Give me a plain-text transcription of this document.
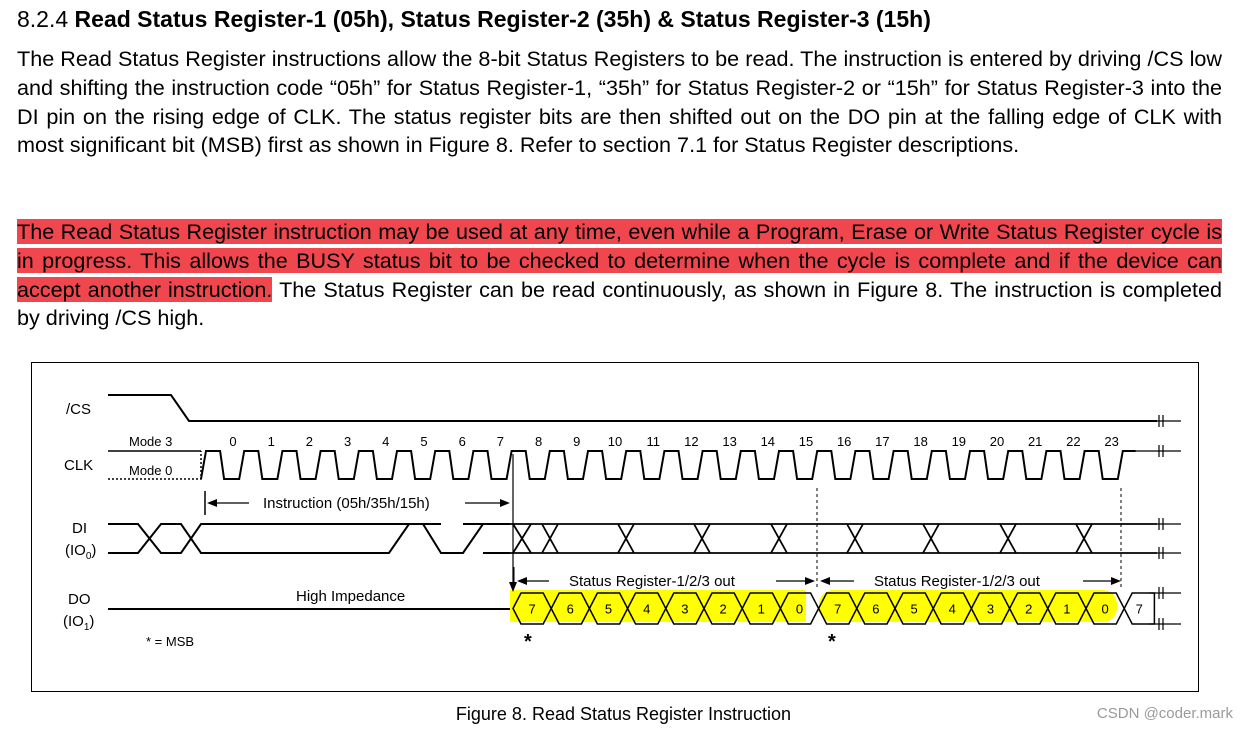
8.2.4 Read Status Register-1 (05h), Status Register-2 (35h) & Status Register-3 (15h)

The Read Status Register instructions allow the 8-bit Status Registers to be read. The instruction is entered by driving /CS low and shifting the instruction code “05h” for Status Register-1, “35h” for Status Register-2 or “15h” for Status Register-3 into the DI pin on the rising edge of CLK. The status register bits are then shifted out on the DO pin at the falling edge of CLK with most significant bit (MSB) first as shown in Figure 8. Refer to section 7.1 for Status Register descriptions.

The Read Status Register instruction may be used at any time, even while a Program, Erase or Write Status Register cycle is in progress. This allows the BUSY status bit to be checked to determine when the cycle is complete and if the device can accept another instruction. The Status Register can be read continuously, as shown in Figure 8. The instruction is completed by driving /CS high.

/CS
CLK
DI
$(IO_0)$
DO
$(IO_1)$
Mode 3
Mode 0
0 1 2 3 4 5 6 7 8 9 10 11 12 13 14 15 16 17 18 19 20 21 22 23
Instruction (05h/35h/15h)
High Impedance
Status Register-1/2/3 out	Status Register-1/2/3 out
7 6 5 4 3 2 1 0 7 6 5 4 3 2 1 0 7
*	*
* = MSB
Figure 8. Read Status Register Instruction	CSDN @coder.mark
